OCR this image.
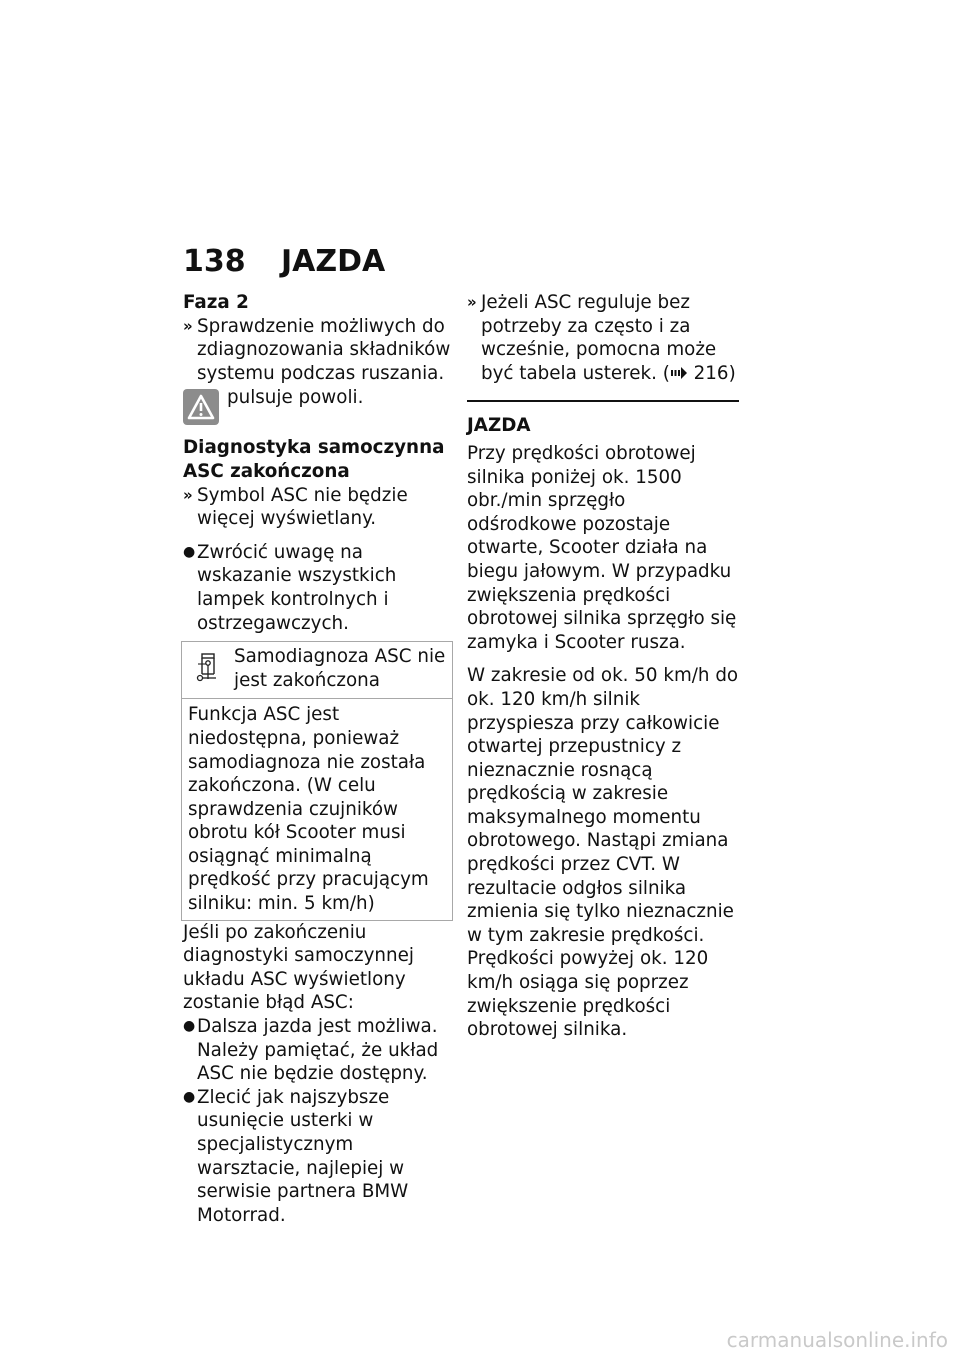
138 JAZDA

Faza 2

» Sprawdzenie możliwych do zdiagnozowania składników systemu podczas ruszania.
pulsuje powoli.

Diagnostyka samoczynna ASC zakończona

» Symbol ASC nie będzie więcej wyświetlany.
● Zwrócić uwagę na wskazanie wszystkich lampek kontrolnych i ostrzegawczych.
Samodiagnoza ASC nie jest zakończona
Funkcja ASC jest niedostępna, ponieważ samodiagnoza nie została zakończona. (W celu sprawdzenia czujników obrotu kół Scooter musi osiągnąć minimalną prędkość przy pracującym silniku: min. 5 km/h)

Jeśli po zakończeniu diagnostyki samoczynnej układu ASC wyświetlony zostanie błąd ASC:

● Dalsza jazda jest możliwa. Należy pamiętać, że układ ASC nie będzie dostępny.
● Zlecić jak najszybsze usunięcie usterki w specjalistycznym warsztacie, najlepiej w serwisie partnera BMW Motorrad.
» Jeżeli ASC reguluje bez potrzeby za często i za wcześnie, pomocna może być tabela usterek. ( 216)

JAZDA

Przy prędkości obrotowej silnika poniżej ok. 1500 obr./min sprzęgło odśrodkowe pozostaje otwarte, Scooter działa na biegu jałowym. W przypadku zwiększenia prędkości obrotowej silnika sprzęgło się zamyka i Scooter rusza.

W zakresie od ok. 50 km/h do ok. 120 km/h silnik przyspiesza przy całkowicie otwartej przepustnicy z nieznacznie rosnącą prędkością w zakresie maksymalnego momentu obrotowego. Nastąpi zmiana prędkości przez CVT. W rezultacie odgłos silnika zmienia się tylko nieznacznie w tym zakresie prędkości.

Prędkości powyżej ok. 120 km/h osiąga się poprzez zwiększenie prędkości obrotowej silnika.

carmanualsonline.info
